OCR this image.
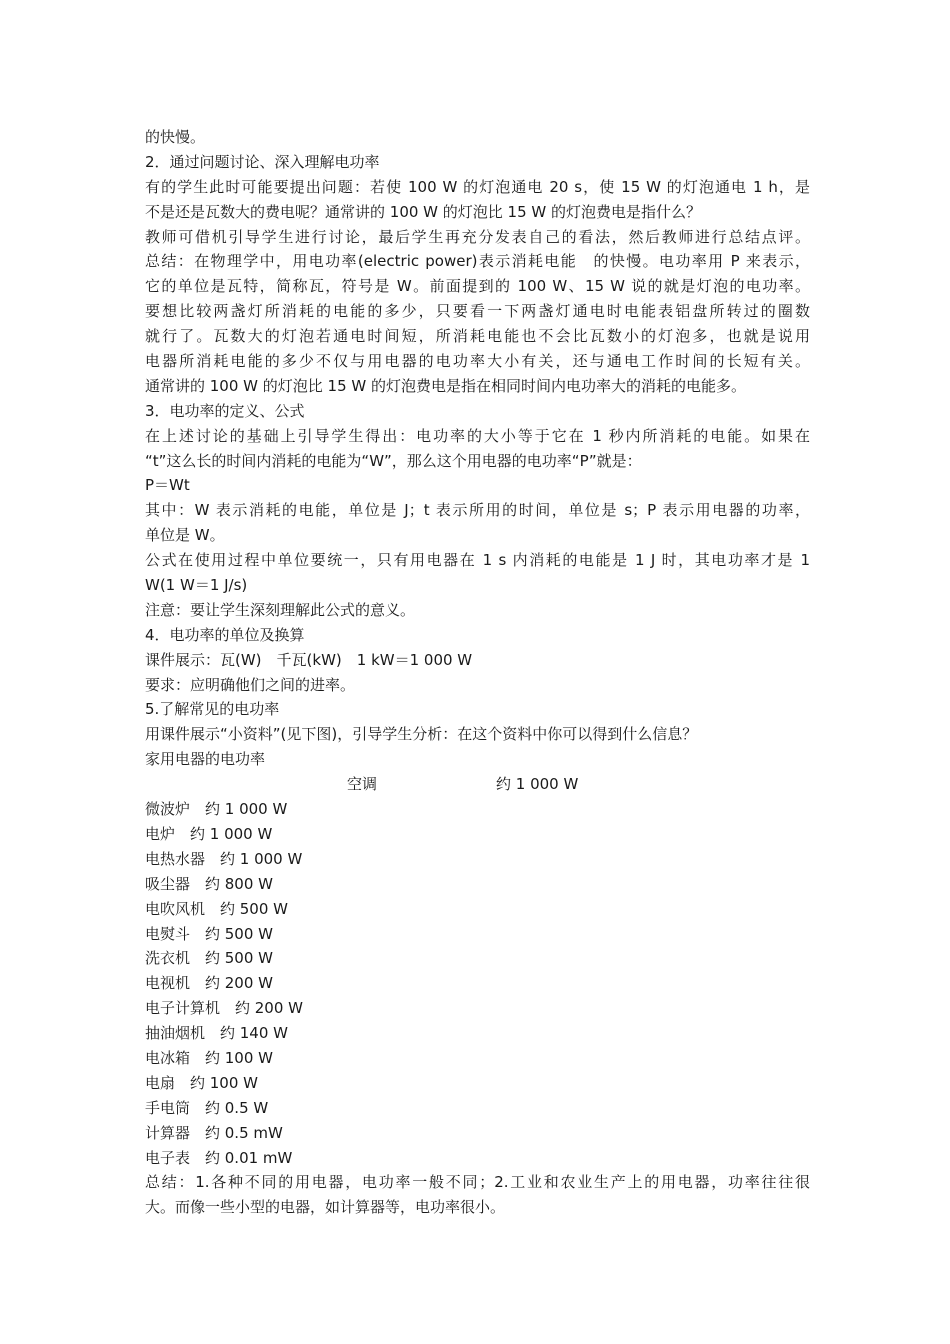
的快慢。
2．通过问题讨论、深入理解电功率
有的学生此时可能要提出问题：若使 100 W 的灯泡通电 20 s，使 15 W 的灯泡通电 1 h，是
不是还是瓦数大的费电呢？通常讲的 100 W 的灯泡比 15 W 的灯泡费电是指什么？
教师可借机引导学生进行讨论，最后学生再充分发表自己的看法，然后教师进行总结点评。
总结：在物理学中，用电功率(electric power)表示消耗电能　的快慢。电功率用 P 来表示，
它的单位是瓦特，简称瓦，符号是 W。前面提到的 100 W、15 W 说的就是灯泡的电功率。
要想比较两盏灯所消耗的电能的多少，只要看一下两盏灯通电时电能表铝盘所转过的圈数
就行了。瓦数大的灯泡若通电时间短，所消耗电能也不会比瓦数小的灯泡多，也就是说用
电器所消耗电能的多少不仅与用电器的电功率大小有关，还与通电工作时间的长短有关。
通常讲的 100 W 的灯泡比 15 W 的灯泡费电是指在相同时间内电功率大的消耗的电能多。
3．电功率的定义、公式
在上述讨论的基础上引导学生得出：电功率的大小等于它在 1 秒内所消耗的电能。如果在
“t”这么长的时间内消耗的电能为“W”，那么这个用电器的电功率“P”就是：
P＝Wt
其中：W 表示消耗的电能，单位是 J；t 表示所用的时间，单位是 s；P 表示用电器的功率，
单位是 W。
公式在使用过程中单位要统一，只有用电器在 1 s 内消耗的电能是 1 J 时，其电功率才是 1
W(1 W＝1 J/s)
注意：要让学生深刻理解此公式的意义。
4．电功率的单位及换算
课件展示：瓦(W)　千瓦(kW)　1 kW＝1 000 W
要求：应明确他们之间的进率。
5.了解常见的电功率
用课件展示“小资料”(见下图)，引导学生分析：在这个资料中你可以得到什么信息？
家用电器的电功率
空调	约 1 000 W
微波炉　约 1 000 W
电炉　约 1 000 W
电热水器　约 1 000 W
吸尘器　约 800 W
电吹风机　约 500 W
电熨斗　约 500 W
洗衣机　约 500 W
电视机　约 200 W
电子计算机　约 200 W
抽油烟机　约 140 W
电冰箱　约 100 W
电扇　约 100 W
手电筒　约 0.5 W
计算器　约 0.5 mW
电子表　约 0.01 mW
总结：1.各种不同的用电器，电功率一般不同；2.工业和农业生产上的用电器，功率往往很
大。而像一些小型的电器，如计算器等，电功率很小。
